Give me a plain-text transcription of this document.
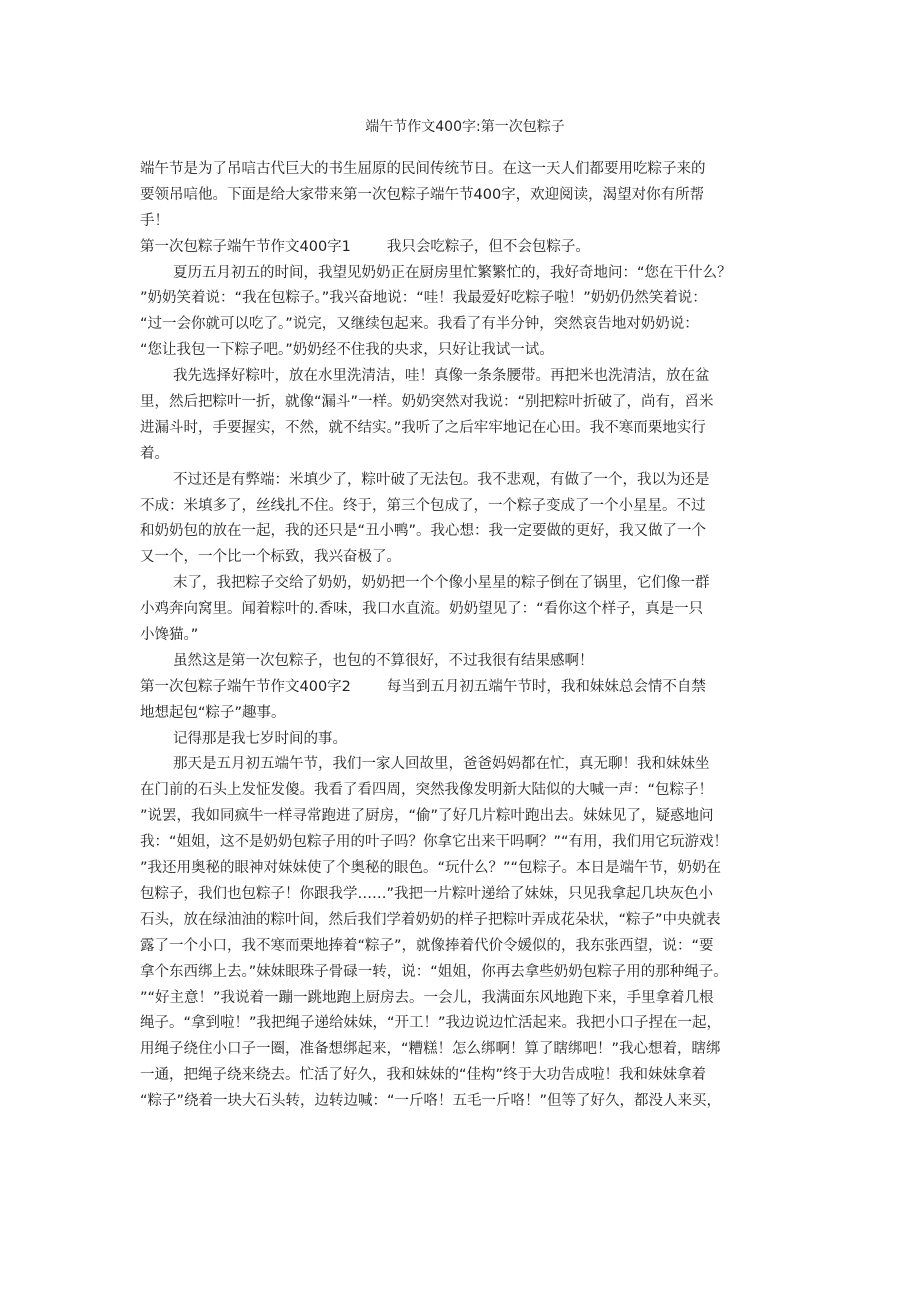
端午节作文400字:第一次包粽子
端午节是为了吊唁古代巨大的书生屈原的民间传统节日。在这一天人们都要用吃粽子来的
要领吊唁他。下面是给大家带来第一次包粽子端午节400字，欢迎阅读，渴望对你有所帮
手！
第一次包粽子端午节作文400字1 我只会吃粽子，但不会包粽子。
夏历五月初五的时间，我望见奶奶正在厨房里忙繁繁忙的，我好奇地问：“您在干什么？
”奶奶笑着说：“我在包粽子。”我兴奋地说：“哇！我最爱好吃粽子啦！”奶奶仍然笑着说：
“过一会你就可以吃了。”说完，又继续包起来。我看了有半分钟，突然哀告地对奶奶说：
“您让我包一下粽子吧。”奶奶经不住我的央求，只好让我试一试。
我先选择好粽叶，放在水里洗清洁，哇！真像一条条腰带。再把米也洗清洁，放在盆
里，然后把粽叶一折，就像“漏斗”一样。奶奶突然对我说：“别把粽叶折破了，尚有，舀米
进漏斗时，手要握实，不然，就不结实。”我听了之后牢牢地记在心田。我不寒而栗地实行
着。
不过还是有弊端：米填少了，粽叶破了无法包。我不悲观，有做了一个，我以为还是
不成：米填多了，丝线扎不住。终于，第三个包成了，一个粽子变成了一个小星星。不过
和奶奶包的放在一起，我的还只是“丑小鸭”。我心想：我一定要做的更好，我又做了一个
又一个，一个比一个标致，我兴奋极了。
末了，我把粽子交给了奶奶，奶奶把一个个像小星星的粽子倒在了锅里，它们像一群
小鸡奔向窝里。闻着粽叶的.香味，我口水直流。奶奶望见了：“看你这个样子，真是一只
小馋猫。”
虽然这是第一次包粽子，也包的不算很好，不过我很有结果感啊！
第一次包粽子端午节作文400字2 每当到五月初五端午节时，我和妹妹总会情不自禁
地想起包“粽子”趣事。
记得那是我七岁时间的事。
那天是五月初五端午节，我们一家人回故里，爸爸妈妈都在忙，真无聊！我和妹妹坐
在门前的石头上发怔发傻。我看了看四周，突然我像发明新大陆似的大喊一声：“包粽子！
”说罢，我如同疯牛一样寻常跑进了厨房，“偷”了好几片粽叶跑出去。妹妹见了，疑惑地问
我：“姐姐，这不是奶奶包粽子用的叶子吗？你拿它出来干吗啊？”“有用，我们用它玩游戏！
”我还用奥秘的眼神对妹妹使了个奥秘的眼色。“玩什么？”“包粽子。本日是端午节，奶奶在
包粽子，我们也包粽子！你跟我学……”我把一片粽叶递给了妹妹，只见我拿起几块灰色小
石头，放在绿油油的粽叶间，然后我们学着奶奶的样子把粽叶弄成花朵状，“粽子”中央就表
露了一个小口，我不寒而栗地捧着“粽子”，就像捧着代价令媛似的，我东张西望，说：“要
拿个东西绑上去。”妹妹眼珠子骨碌一转，说：“姐姐，你再去拿些奶奶包粽子用的那种绳子。
”“好主意！”我说着一蹦一跳地跑上厨房去。一会儿，我满面东风地跑下来，手里拿着几根
绳子。“拿到啦！”我把绳子递给妹妹，“开工！”我边说边忙活起来。我把小口子捏在一起，
用绳子绕住小口子一圈，准备想绑起来，“糟糕！怎么绑啊！算了瞎绑吧！”我心想着，瞎绑
一通，把绳子绕来绕去。忙活了好久，我和妹妹的“佳构”终于大功告成啦！我和妹妹拿着
“粽子”绕着一块大石头转，边转边喊：“一斤咯！五毛一斤咯！”但等了好久，都没人来买，
